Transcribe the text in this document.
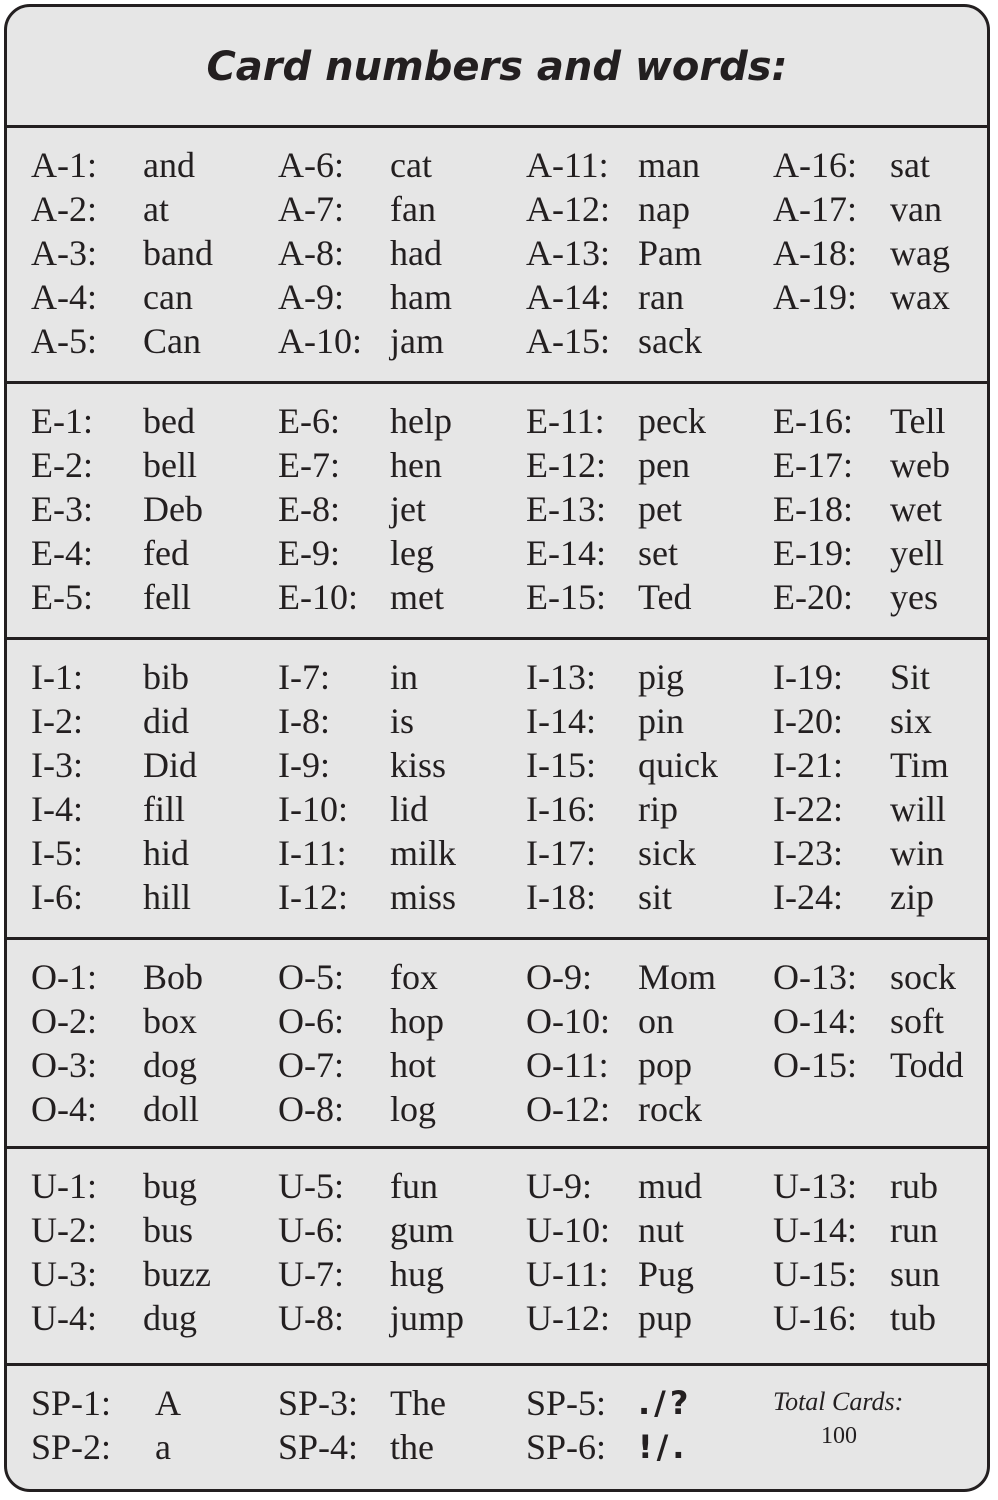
Card numbers and words:
A-1: and
A-2: at
A-3: band
A-4: can
A-5: Can
A-6: cat
A-7: fan
A-8: had
A-9: ham
A-10: jam
A-11: man
A-12: nap
A-13: Pam
A-14: ran
A-15: sack
A-16: sat
A-17: van
A-18: wag
A-19: wax
E-1: bed
E-2: bell
E-3: Deb
E-4: fed
E-5: fell
E-6: help
E-7: hen
E-8: jet
E-9: leg
E-10: met
E-11: peck
E-12: pen
E-13: pet
E-14: set
E-15: Ted
E-16: Tell
E-17: web
E-18: wet
E-19: yell
E-20: yes
I-1: bib
I-2: did
I-3: Did
I-4: fill
I-5: hid
I-6: hill
I-7: in
I-8: is
I-9: kiss
I-10: lid
I-11: milk
I-12: miss
I-13: pig
I-14: pin
I-15: quick
I-16: rip
I-17: sick
I-18: sit
I-19: Sit
I-20: six
I-21: Tim
I-22: will
I-23: win
I-24: zip
O-1: Bob
O-2: box
O-3: dog
O-4: doll
O-5: fox
O-6: hop
O-7: hot
O-8: log
O-9: Mom
O-10: on
O-11: pop
O-12: rock
O-13: sock
O-14: soft
O-15: Todd
U-1: bug
U-2: bus
U-3: buzz
U-4: dug
U-5: fun
U-6: gum
U-7: hug
U-8: jump
U-9: mud
U-10: nut
U-11: Pug
U-12: pup
U-13: rub
U-14: run
U-15: sun
U-16: tub
SP-1: A
SP-2: a
SP-3: The
SP-4: the
SP-5: ./?
SP-6: !/.
Total Cards:
100
